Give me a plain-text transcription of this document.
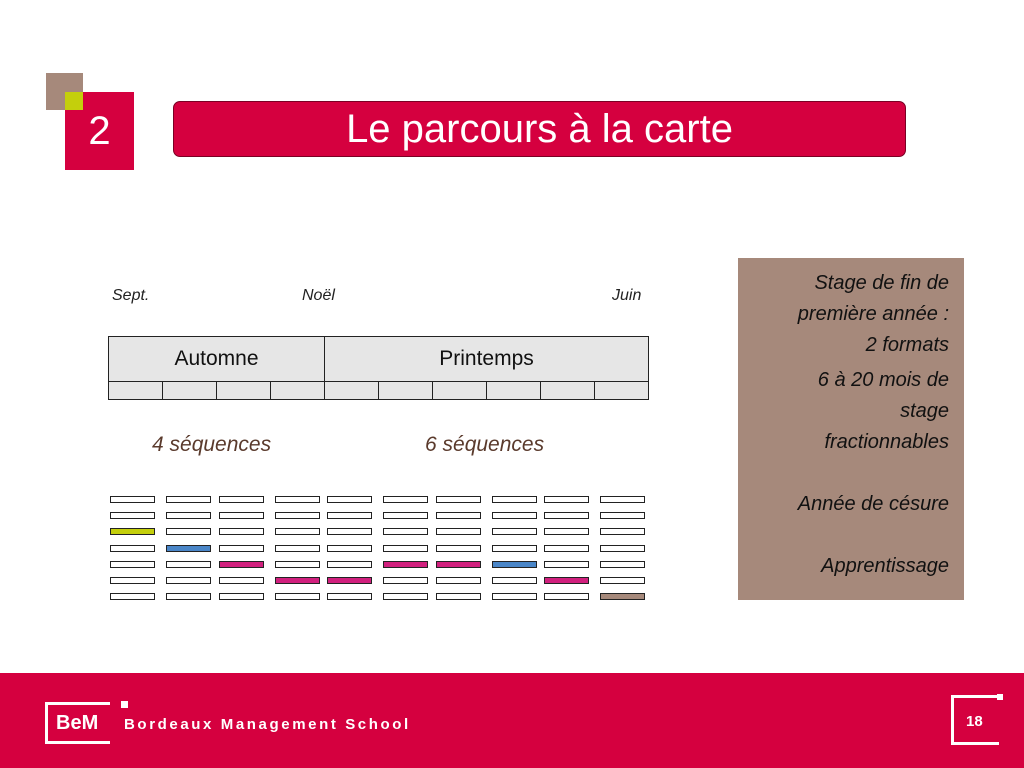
2	Le parcours à la carte
Sept.	Noël	Juin
Automne	Printemps
4 séquences	6 séquences

Stage de fin de

première année :

2 formats

6 à 20 mois de

stage

fractionnables

Année de césure

Apprentissage

BeM	Bordeaux Management School	18
